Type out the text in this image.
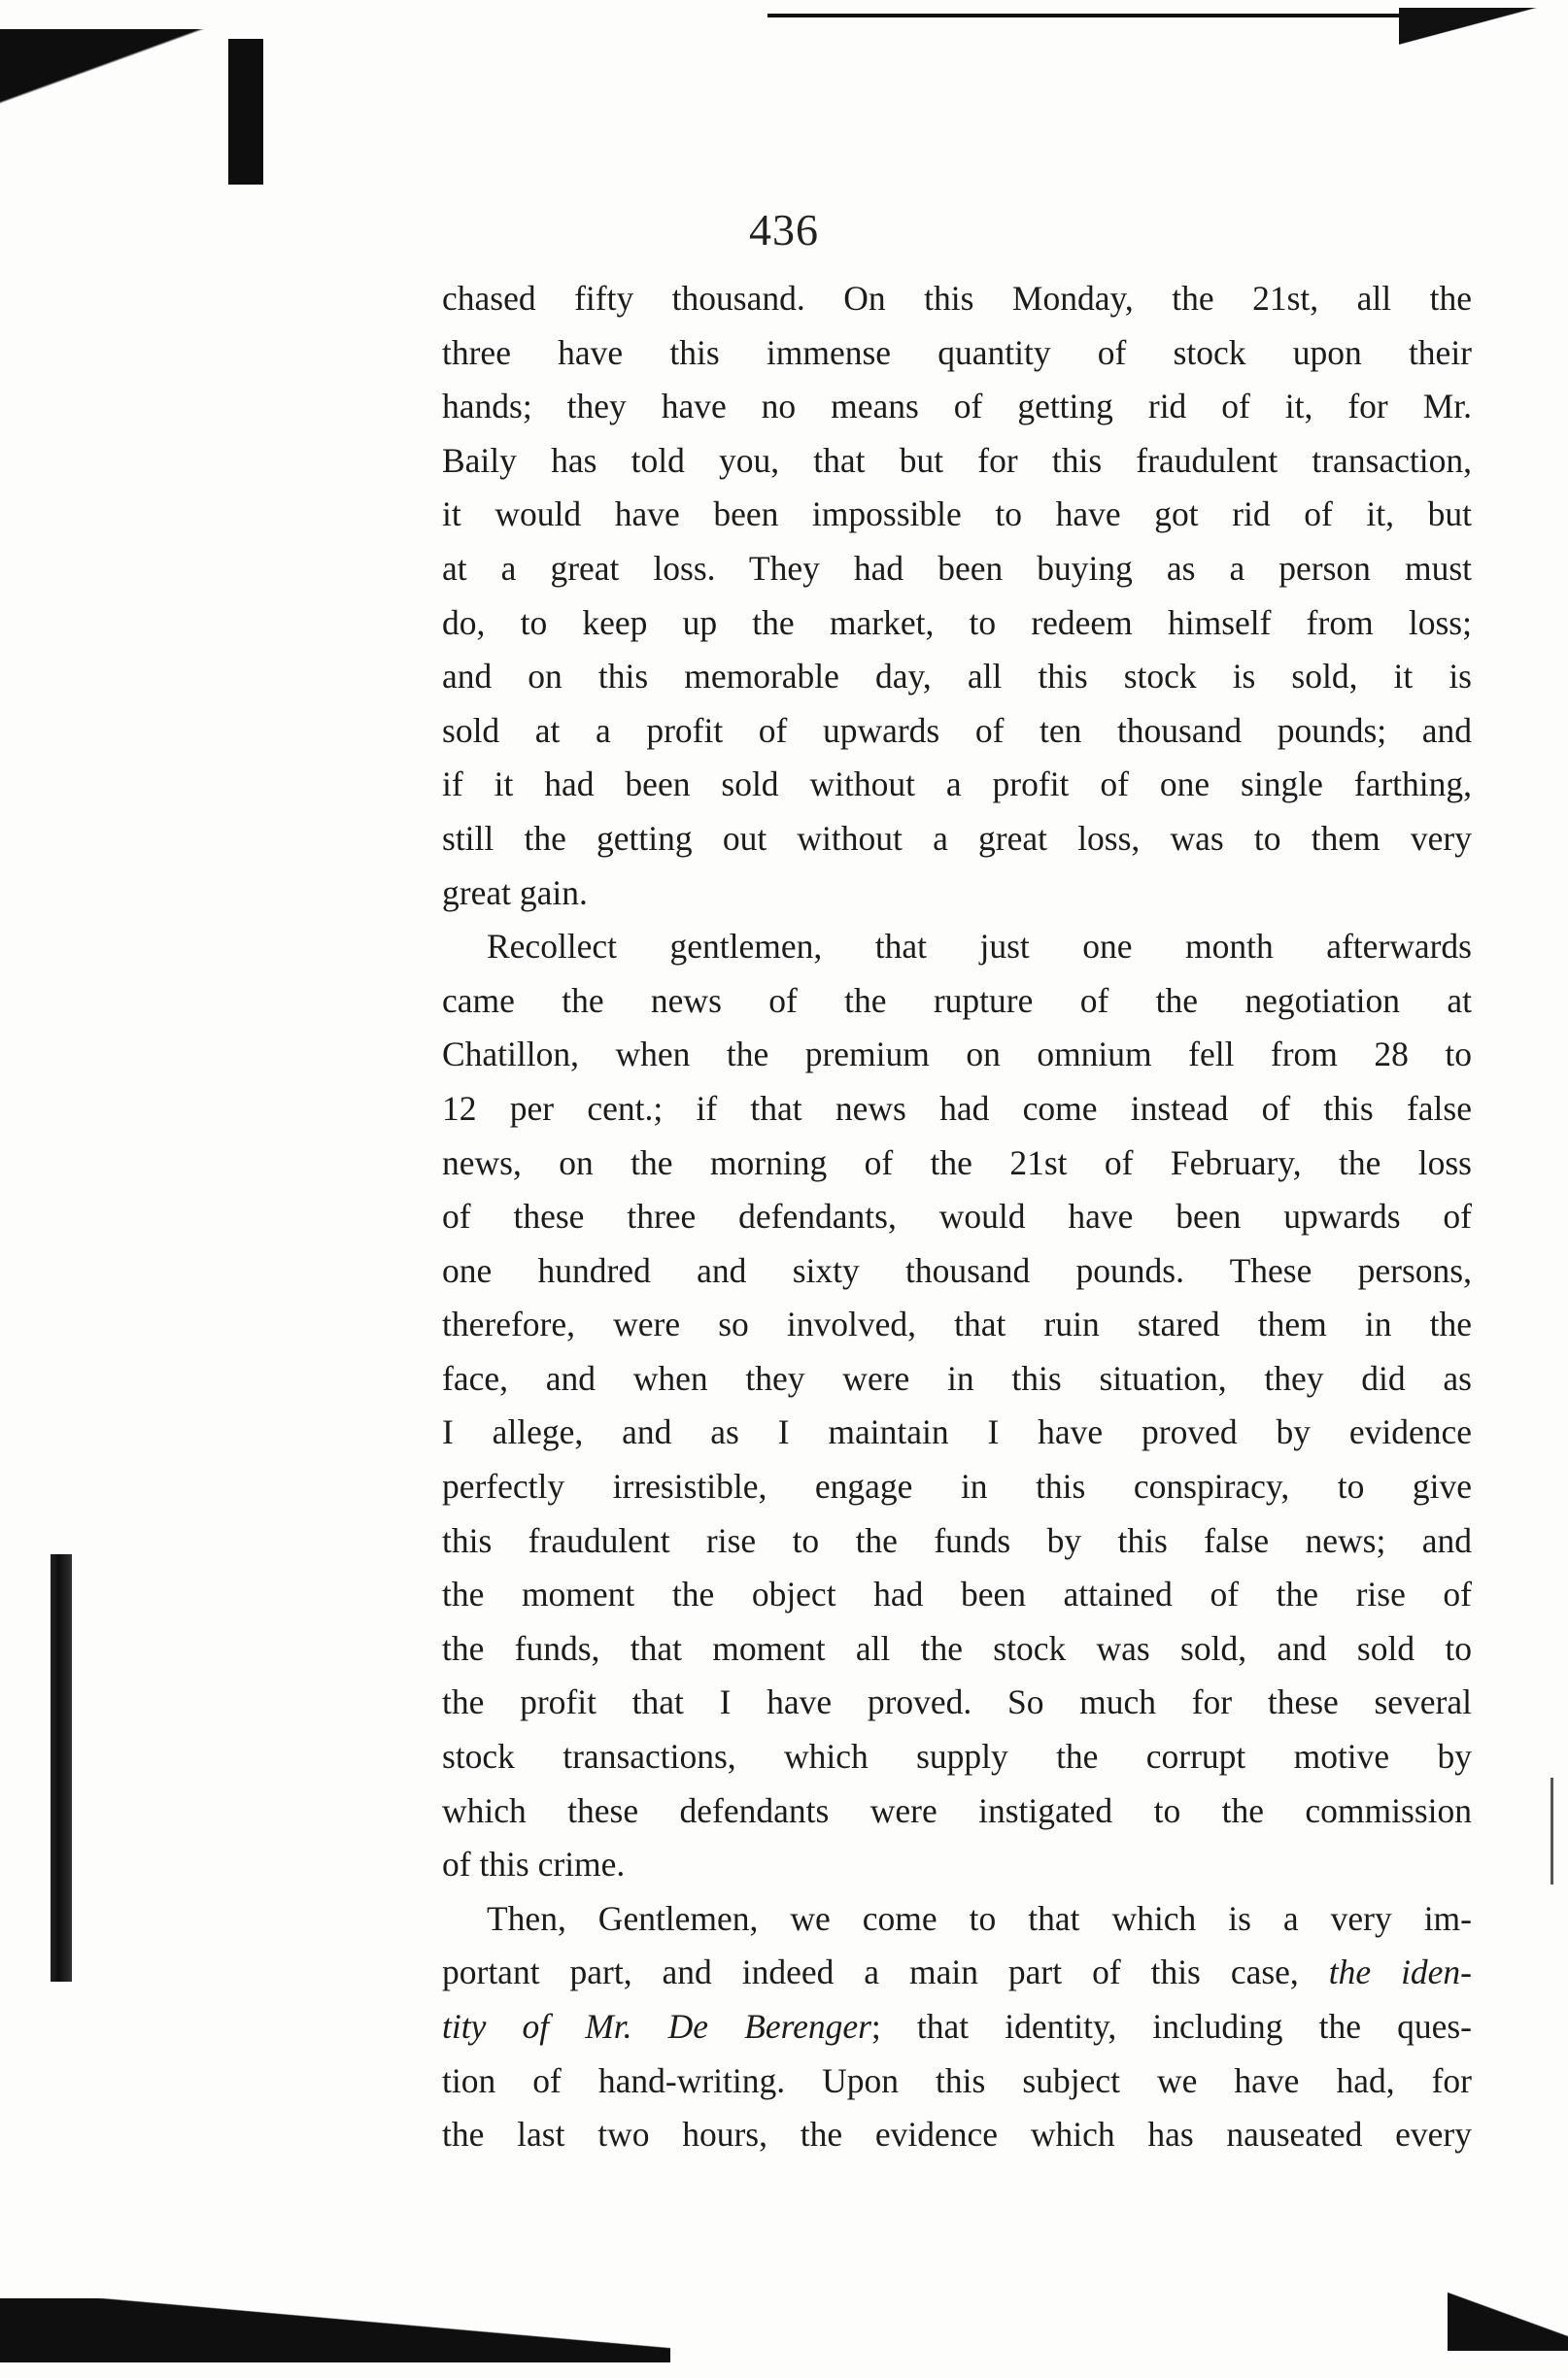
436
chased fifty thousand. On this Monday, the 21st, all the
three have this immense quantity of stock upon their
hands; they have no means of getting rid of it, for Mr.
Baily has told you, that but for this fraudulent transaction,
it would have been impossible to have got rid of it, but
at a great loss. They had been buying as a person must
do, to keep up the market, to redeem himself from loss;
and on this memorable day, all this stock is sold, it is
sold at a profit of upwards of ten thousand pounds; and
if it had been sold without a profit of one single farthing,
still the getting out without a great loss, was to them very
great gain.
Recollect gentlemen, that just one month afterwards
came the news of the rupture of the negotiation at
Chatillon, when the premium on omnium fell from 28 to
12 per cent.; if that news had come instead of this false
news, on the morning of the 21st of February, the loss
of these three defendants, would have been upwards of
one hundred and sixty thousand pounds. These persons,
therefore, were so involved, that ruin stared them in the
face, and when they were in this situation, they did as
I allege, and as I maintain I have proved by evidence
perfectly irresistible, engage in this conspiracy, to give
this fraudulent rise to the funds by this false news; and
the moment the object had been attained of the rise of
the funds, that moment all the stock was sold, and sold to
the profit that I have proved. So much for these several
stock transactions, which supply the corrupt motive by
which these defendants were instigated to the commission
of this crime.
Then, Gentlemen, we come to that which is a very im-
portant part, and indeed a main part of this case, the iden-
tity of Mr. De Berenger; that identity, including the ques-
tion of hand-writing. Upon this subject we have had, for
the last two hours, the evidence which has nauseated every
